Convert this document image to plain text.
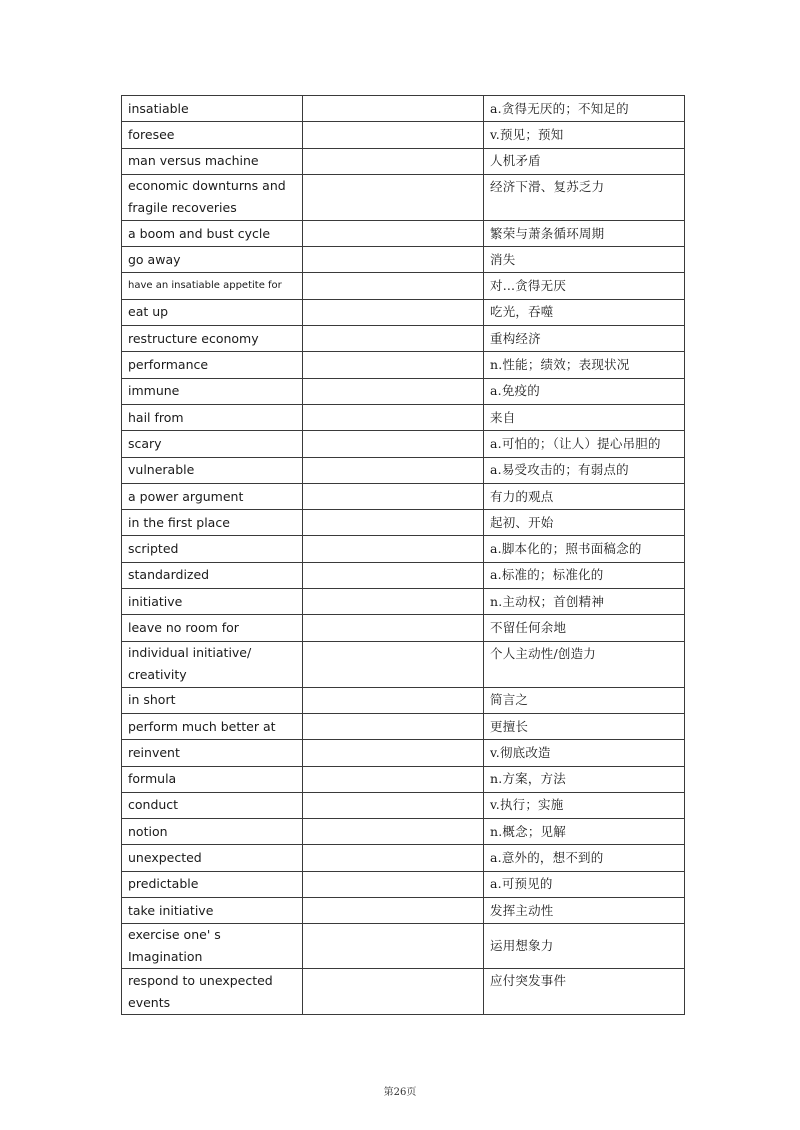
insatiable		a.贪得无厌的；不知足的
foresee		v.预见；预知
man versus machine		人机矛盾
economic downturns and fragile recoveries		经济下滑、复苏乏力
a boom and bust cycle		繁荣与萧条循环周期
go away		消失
have an insatiable appetite for		对...贪得无厌
eat up		吃光，吞噬
restructure economy		重构经济
performance		n.性能；绩效；表现状况
immune		a.免疫的
hail from		来自
scary		a.可怕的；（让人）提心吊胆的
vulnerable		a.易受攻击的；有弱点的
a power argument		有力的观点
in the first place		起初、开始
scripted		a.脚本化的；照书面稿念的
standardized		a.标准的；标准化的
initiative		n.主动权；首创精神
leave no room for		不留任何余地
individual initiative/ creativity		个人主动性/创造力
in short		简言之
perform much better at		更擅长
reinvent		v.彻底改造
formula		n.方案，方法
conduct		v.执行；实施
notion		n.概念；见解
unexpected		a.意外的，想不到的
predictable		a.可预见的
take initiative		发挥主动性
exercise one' s Imagination		运用想象力
respond to unexpected events		应付突发事件
第26页
